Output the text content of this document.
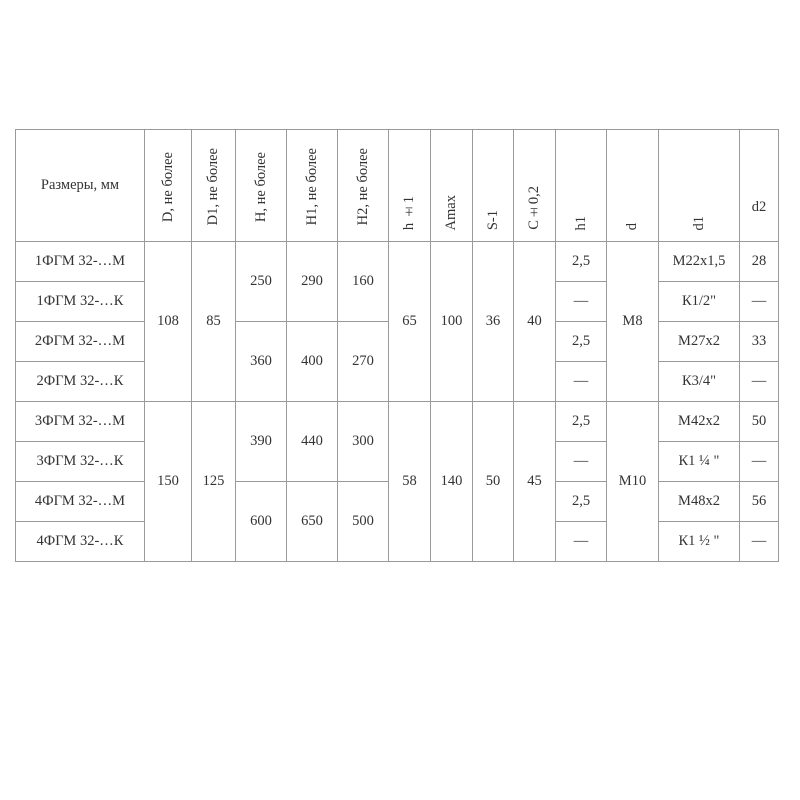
Размеры, мм	D, не более	D1, не более	H, не более	H1, не более	H2, не более	h ±1	Amax	S-1	C±0,2	h1	d	d1	d2
1ФГМ 32-…М	108	85	250	290	160	65	100	36	40	2,5	М8	М22х1,5	28
1ФГМ 32-…К										—		К1/2"	—
2ФГМ 32-…М			360	400	270					2,5		М27х2	33
2ФГМ 32-…К										—		К3/4"	—
3ФГМ 32-…М	150	125	390	440	300	58	140	50	45	2,5	М10	М42х2	50
3ФГМ 32-…К										—		К1 ¼ "	—
4ФГМ 32-…М			600	650	500					2,5		М48х2	56
4ФГМ 32-…К										—		К1 ½ "	—
